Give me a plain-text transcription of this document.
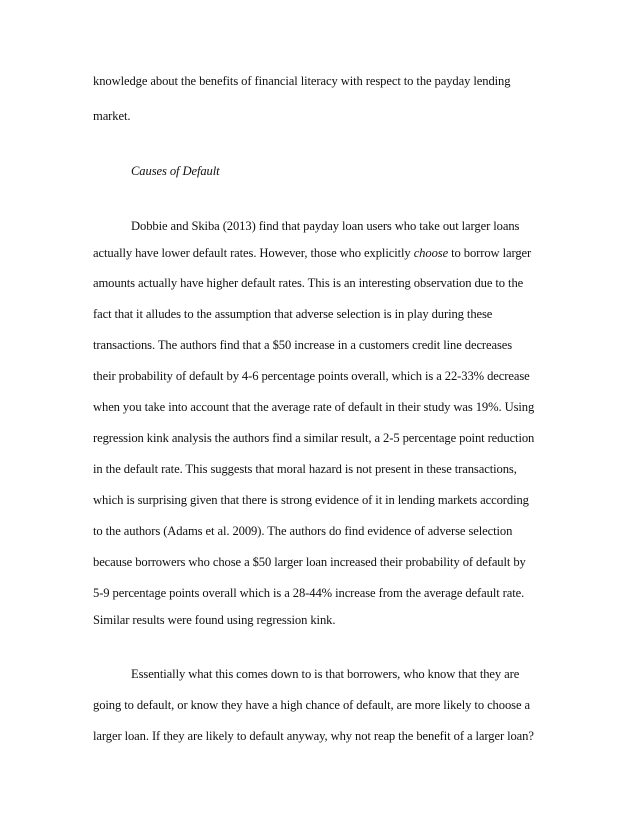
knowledge about the benefits of financial literacy with respect to the payday lending
market.
Causes of Default
Dobbie and Skiba (2013) find that payday loan users who take out larger loans
actually have lower default rates. However, those who explicitly choose to borrow larger
amounts actually have higher default rates. This is an interesting observation due to the
fact that it alludes to the assumption that adverse selection is in play during these
transactions. The authors find that a $50 increase in a customers credit line decreases
their probability of default by 4-6 percentage points overall, which is a 22-33% decrease
when you take into account that the average rate of default in their study was 19%. Using
regression kink analysis the authors find a similar result, a 2-5 percentage point reduction
in the default rate. This suggests that moral hazard is not present in these transactions,
which is surprising given that there is strong evidence of it in lending markets according
to the authors (Adams et al. 2009). The authors do find evidence of adverse selection
because borrowers who chose a $50 larger loan increased their probability of default by
5-9 percentage points overall which is a 28-44% increase from the average default rate.
Similar results were found using regression kink.
Essentially what this comes down to is that borrowers, who know that they are
going to default, or know they have a high chance of default, are more likely to choose a
larger loan. If they are likely to default anyway, why not reap the benefit of a larger loan?
